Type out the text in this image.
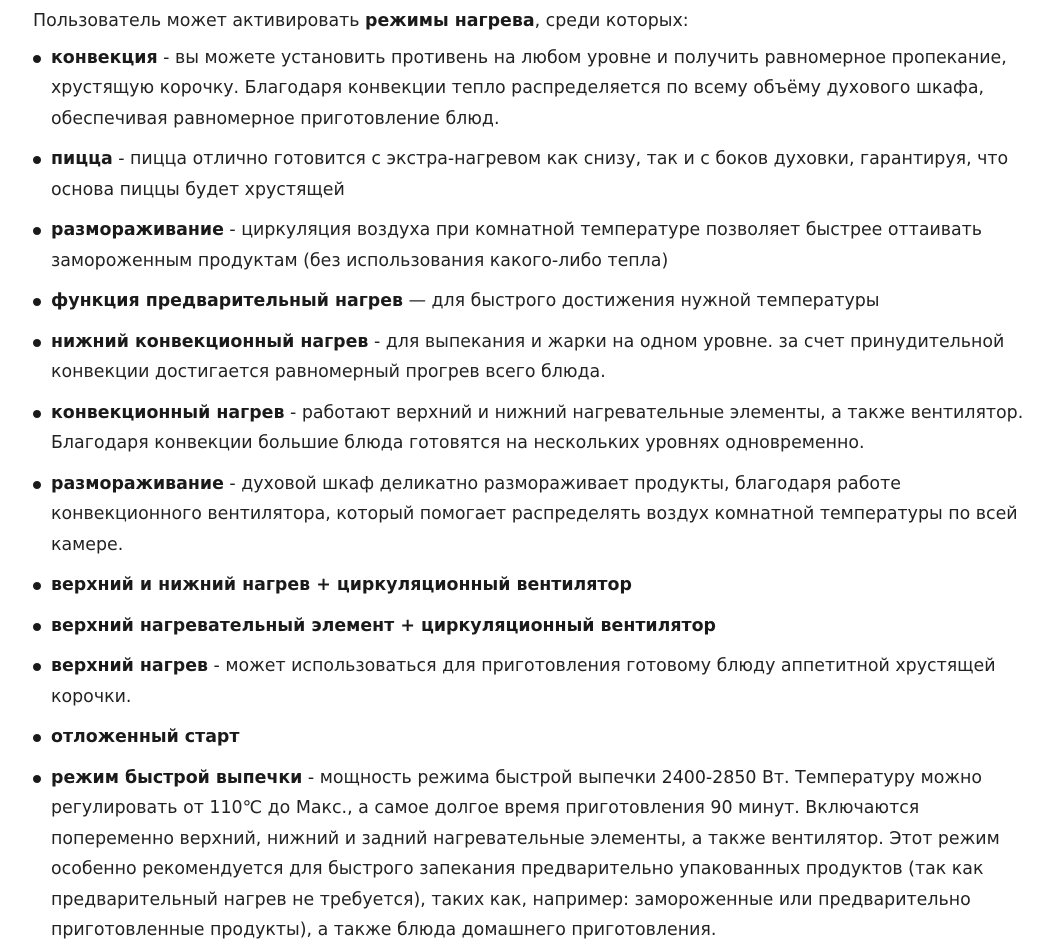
Пользователь может активировать режимы нагрева, среди которых:

конвекция - вы можете установить противень на любом уровне и получить равномерное пропекание, хрустящую корочку. Благодаря конвекции тепло распределяется по всему объёму духового шкафа, обеспечивая равномерное приготовление блюд.
пицца - пицца отлично готовится с экстра-нагревом как снизу, так и с боков духовки, гарантируя, что основа пиццы будет хрустящей
размораживание - циркуляция воздуха при комнатной температуре позволяет быстрее оттаивать замороженным продуктам (без использования какого-либо тепла)
функция предварительный нагрев — для быстрого достижения нужной температуры
нижний конвекционный нагрев - для выпекания и жарки на одном уровне. за счет принудительной конвекции достигается равномерный прогрев всего блюда.
конвекционный нагрев - работают верхний и нижний нагревательные элементы, а также вентилятор. Благодаря конвекции большие блюда готовятся на нескольких уровнях одновременно.
размораживание - духовой шкаф деликатно размораживает продукты, благодаря работе конвекционного вентилятора, который помогает распределять воздух комнатной температуры по всей камере.
верхний и нижний нагрев + циркуляционный вентилятор
верхний нагревательный элемент + циркуляционный вентилятор
верхний нагрев - может использоваться для приготовления готовому блюду аппетитной хрустящей корочки.
отложенный старт
режим быстрой выпечки - мощность режима быстрой выпечки 2400-2850 Вт. Температуру можно регулировать от 110℃ до Макс., а самое долгое время приготовления 90 минут. Включаются попеременно верхний, нижний и задний нагревательные элементы, а также вентилятор. Этот режим особенно рекомендуется для быстрого запекания предварительно упакованных продуктов (так как предварительный нагрев не требуется), таких как, например: замороженные или предварительно приготовленные продукты), а также блюда домашнего приготовления.
